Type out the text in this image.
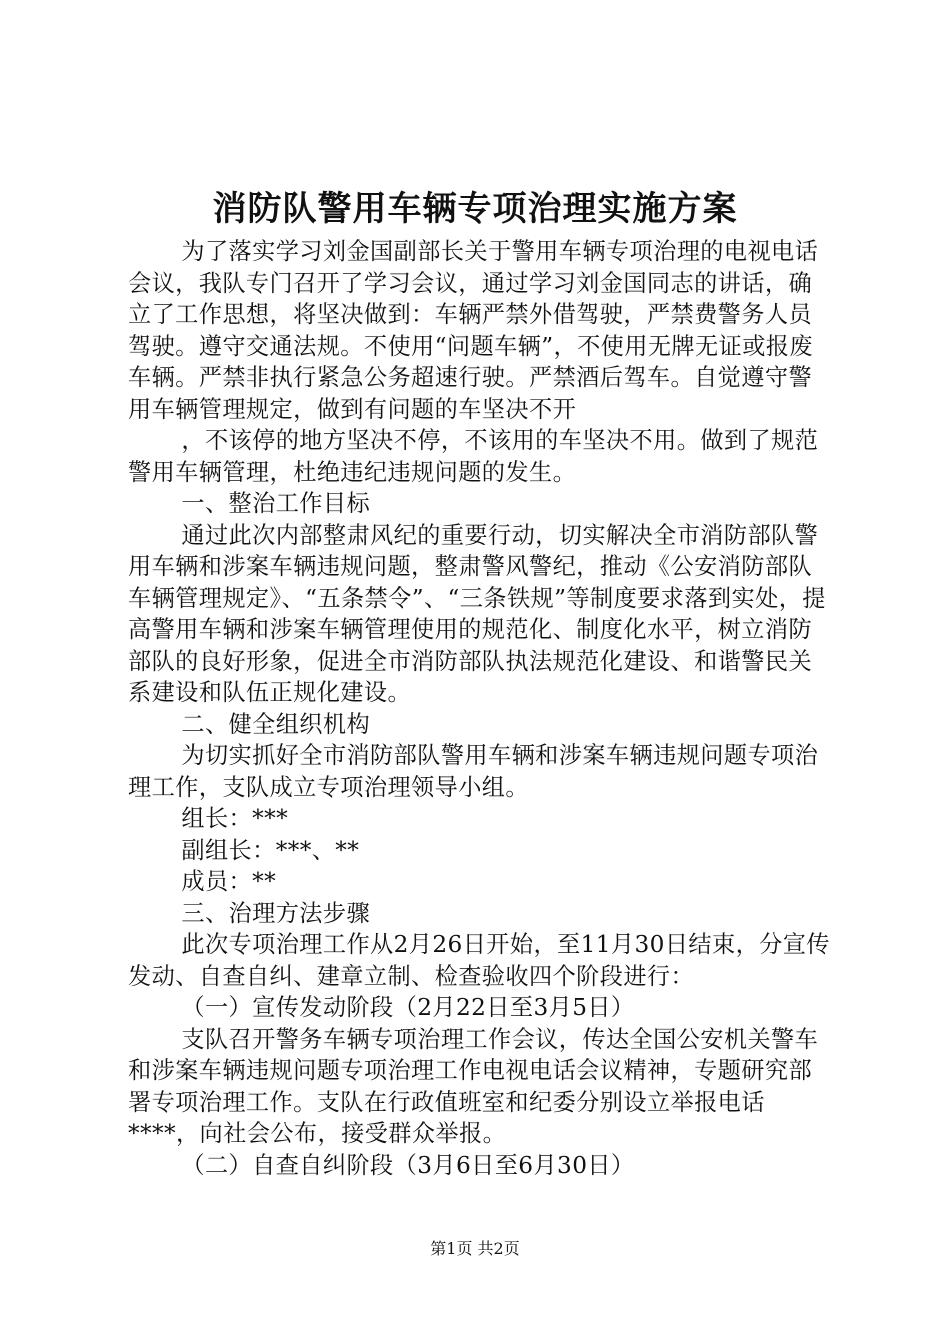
消防队警用车辆专项治理实施方案

为了落实学习刘金国副部长关于警用车辆专项治理的电视电话会议，我队专门召开了学习会议，通过学习刘金国同志的讲话，确立了工作思想，将坚决做到：车辆严禁外借驾驶，严禁费警务人员驾驶。遵守交通法规。不使用“问题车辆”，不使用无牌无证或报废车辆。严禁非执行紧急公务超速行驶。严禁酒后驾车。自觉遵守警用车辆管理规定，做到有问题的车坚决不开

，不该停的地方坚决不停，不该用的车坚决不用。做到了规范警用车辆管理，杜绝违纪违规问题的发生。

一、整治工作目标

通过此次内部整肃风纪的重要行动，切实解决全市消防部队警用车辆和涉案车辆违规问题，整肃警风警纪，推动《公安消防部队车辆管理规定》、“五条禁令”、“三条铁规”等制度要求落到实处，提高警用车辆和涉案车辆管理使用的规范化、制度化水平，树立消防部队的良好形象，促进全市消防部队执法规范化建设、和谐警民关系建设和队伍正规化建设。

二、健全组织机构

为切实抓好全市消防部队警用车辆和涉案车辆违规问题专项治理工作，支队成立专项治理领导小组。

组长：***

副组长：***、**

成员：**

三、治理方法步骤

此次专项治理工作从2月26日开始，至11月30日结束，分宣传发动、自查自纠、建章立制、检查验收四个阶段进行：

（一）宣传发动阶段（2月22日至3月5日）

支队召开警务车辆专项治理工作会议，传达全国公安机关警车和涉案车辆违规问题专项治理工作电视电话会议精神，专题研究部署专项治理工作。支队在行政值班室和纪委分别设立举报电话****，向社会公布，接受群众举报。

（二）自查自纠阶段（3月6日至6月30日）

第1页 共2页
